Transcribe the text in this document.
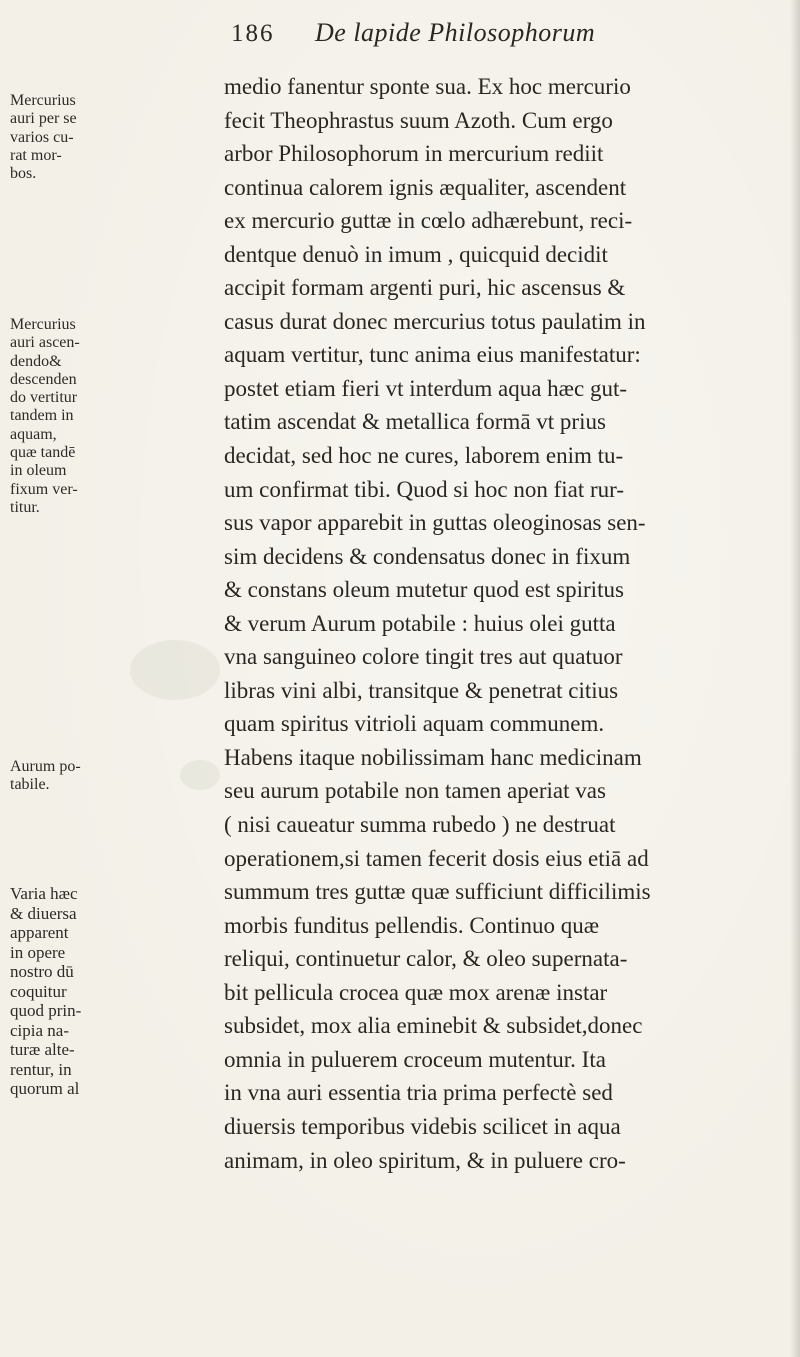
186 De lapide Philosophorum
Mercurius
auri per se
varios cu-
rat mor-
bos.
Mercurius
auri ascen-
dendo&
descenden
do vertitur
tandem in
aquam,
quæ tandē
in oleum
fixum ver-
titur.
Aurum po-
tabile.
Varia hæc
& diuersa
apparent
in opere
nostro dū
coquitur
quod prin-
cipia na-
turæ alte-
rentur, in
quorum al
medio fanentur sponte sua. Ex hoc mercurio
fecit Theophrastus suum Azoth. Cum ergo
arbor Philosophorum in mercurium rediit
continua calorem ignis æqualiter, ascendent
ex mercurio guttæ in cœlo adhærebunt, reci-
dentque denuò in imum , quicquid decidit
accipit formam argenti puri, hic ascensus &
casus durat donec mercurius totus paulatim in
aquam vertitur, tunc anima eius manifestatur:
postet etiam fieri vt interdum aqua hæc gut-
tatim ascendat & metallica formā vt prius
decidat, sed hoc ne cures, laborem enim tu-
um confirmat tibi. Quod si hoc non fiat rur-
sus vapor apparebit in guttas oleoginosas sen-
sim decidens & condensatus donec in fixum
& constans oleum mutetur quod est spiritus
& verum Aurum potabile : huius olei gutta
vna sanguineo colore tingit tres aut quatuor
libras vini albi, transitque & penetrat citius
quam spiritus vitrioli aquam communem.
Habens itaque nobilissimam hanc medicinam
seu aurum potabile non tamen aperiat vas
( nisi caueatur summa rubedo ) ne destruat
operationem,si tamen fecerit dosis eius etiā ad
summum tres guttæ quæ sufficiunt difficilimis
morbis funditus pellendis. Continuo quæ
reliqui, continuetur calor, & oleo supernata-
bit pellicula crocea quæ mox arenæ instar
subsidet, mox alia eminebit & subsidet,donec
omnia in puluerem croceum mutentur. Ita
in vna auri essentia tria prima perfectè sed
diuersis temporibus videbis scilicet in aqua
animam, in oleo spiritum, & in puluere cro-
